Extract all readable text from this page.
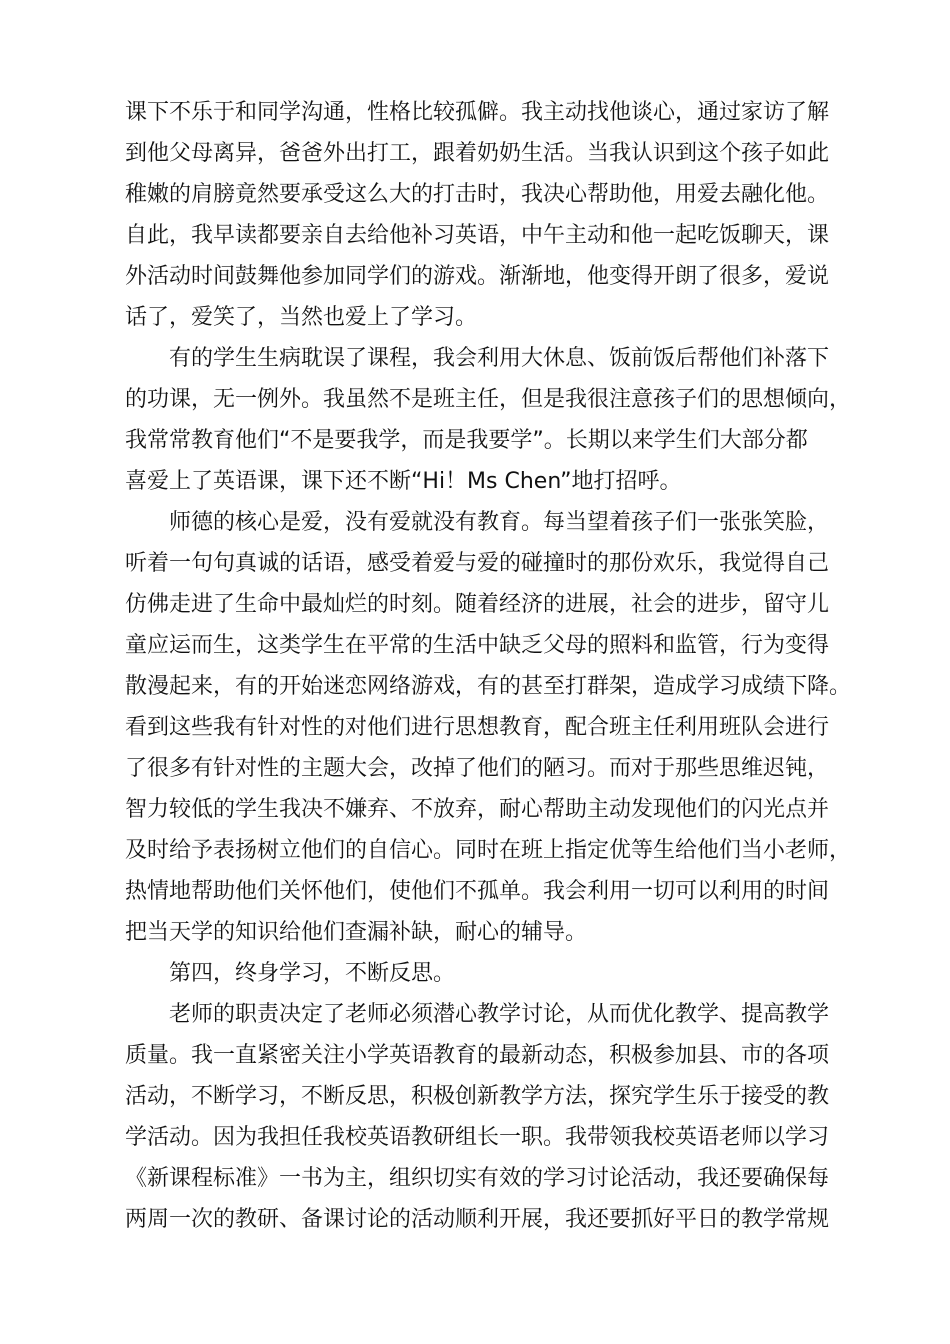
课下不乐于和同学沟通，性格比较孤僻。我主动找他谈心，通过家访了解
到他父母离异，爸爸外出打工，跟着奶奶生活。当我认识到这个孩子如此
稚嫩的肩膀竟然要承受这么大的打击时，我决心帮助他，用爱去融化他。
自此，我早读都要亲自去给他补习英语，中午主动和他一起吃饭聊天，课
外活动时间鼓舞他参加同学们的游戏。渐渐地，他变得开朗了很多，爱说
话了，爱笑了，当然也爱上了学习。
有的学生生病耽误了课程，我会利用大休息、饭前饭后帮他们补落下
的功课，无一例外。我虽然不是班主任，但是我很注意孩子们的思想倾向，
我常常教育他们“不是要我学，而是我要学”。长期以来学生们大部分都
喜爱上了英语课，课下还不断“Hi！Ms Chen”地打招呼。
师德的核心是爱，没有爱就没有教育。每当望着孩子们一张张笑脸，
听着一句句真诚的话语，感受着爱与爱的碰撞时的那份欢乐，我觉得自己
仿佛走进了生命中最灿烂的时刻。随着经济的进展，社会的进步，留守儿
童应运而生，这类学生在平常的生活中缺乏父母的照料和监管，行为变得
散漫起来，有的开始迷恋网络游戏，有的甚至打群架，造成学习成绩下降。
看到这些我有针对性的对他们进行思想教育，配合班主任利用班队会进行
了很多有针对性的主题大会，改掉了他们的陋习。而对于那些思维迟钝，
智力较低的学生我决不嫌弃、不放弃，耐心帮助主动发现他们的闪光点并
及时给予表扬树立他们的自信心。同时在班上指定优等生给他们当小老师，
热情地帮助他们关怀他们，使他们不孤单。我会利用一切可以利用的时间
把当天学的知识给他们查漏补缺，耐心的辅导。
第四，终身学习，不断反思。
老师的职责决定了老师必须潜心教学讨论，从而优化教学、提高教学
质量。我一直紧密关注小学英语教育的最新动态，积极参加县、市的各项
活动，不断学习，不断反思，积极创新教学方法，探究学生乐于接受的教
学活动。因为我担任我校英语教研组长一职。我带领我校英语老师以学习
《新课程标准》一书为主，组织切实有效的学习讨论活动，我还要确保每
两周一次的教研、备课讨论的活动顺利开展，我还要抓好平日的教学常规
